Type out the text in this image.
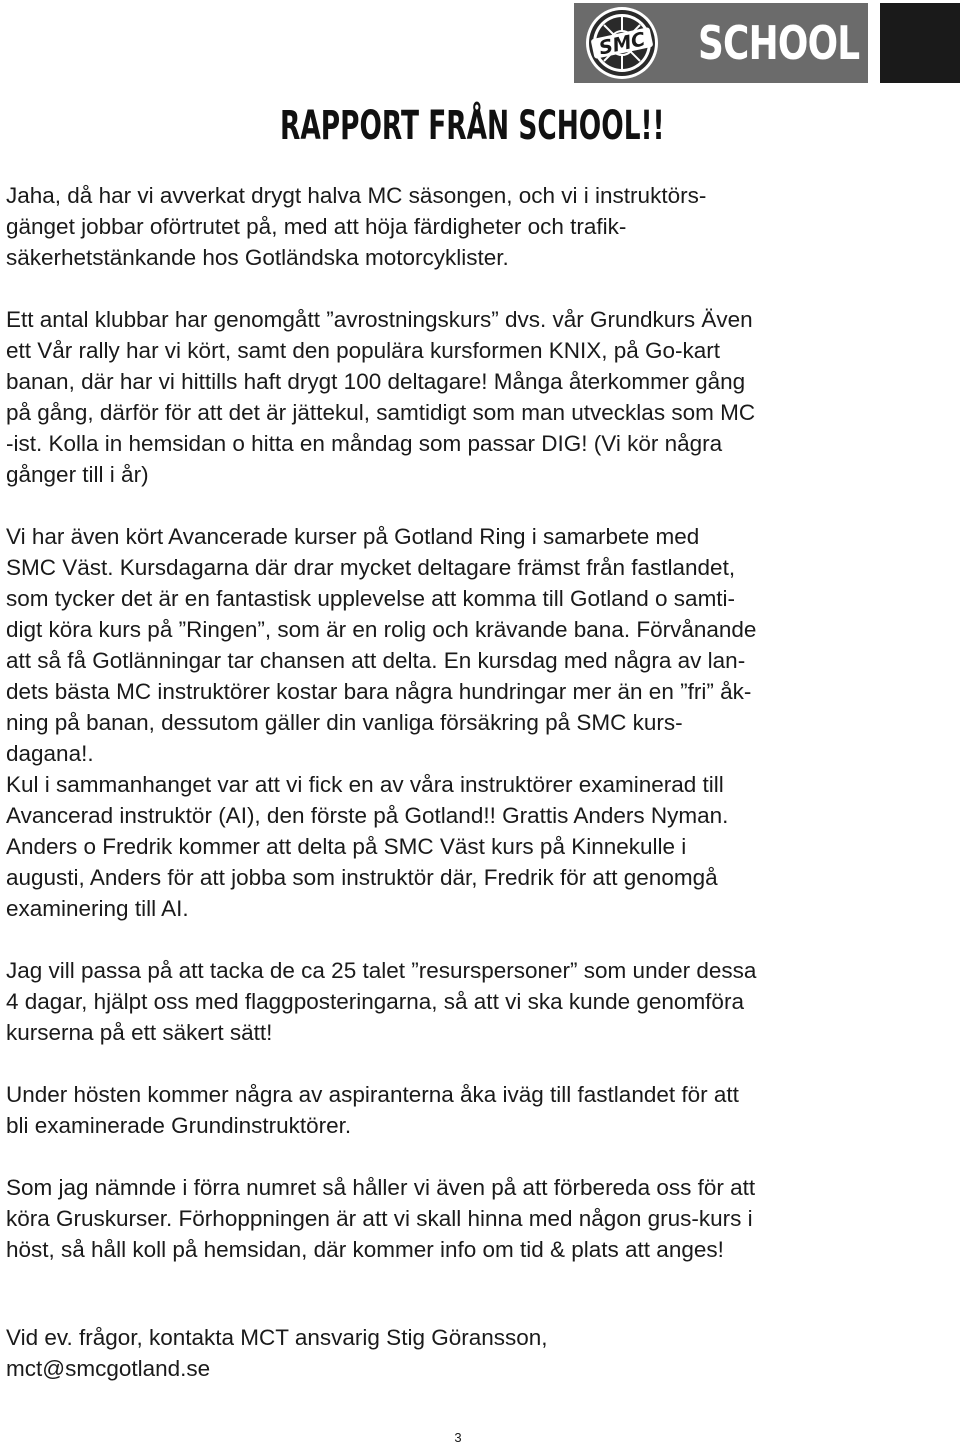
SMC SCHOOL
RAPPORT FRÅN SCHOOL!!

Jaha, då har vi avverkat drygt halva MC säsongen, och vi i instruktörs-
gänget jobbar oförtrutet på, med att höja färdigheter och trafik-
säkerhetstänkande hos Gotländska motorcyklister.

Ett antal klubbar har genomgått ”avrostningskurs” dvs. vår Grundkurs Även
ett Vår rally har vi kört, samt den populära kursformen KNIX, på Go-kart
banan, där har vi hittills haft drygt 100 deltagare! Många återkommer gång
på gång, därför för att det är jättekul, samtidigt som man utvecklas som MC
-ist. Kolla in hemsidan o hitta en måndag som passar DIG! (Vi kör några
gånger till i år)

Vi har även kört Avancerade kurser på Gotland Ring i samarbete med
SMC Väst. Kursdagarna där drar mycket deltagare främst från fastlandet,
som tycker det är en fantastisk upplevelse att komma till Gotland o samti-
digt köra kurs på ”Ringen”, som är en rolig och krävande bana. Förvånande
att så få Gotlänningar tar chansen att delta. En kursdag med några av lan-
dets bästa MC instruktörer kostar bara några hundringar mer än en ”fri” åk-
ning på banan, dessutom gäller din vanliga försäkring på SMC kurs-
dagana!.
Kul i sammanhanget var att vi fick en av våra instruktörer examinerad till
Avancerad instruktör (AI), den förste på Gotland!! Grattis Anders Nyman.
Anders o Fredrik kommer att delta på SMC Väst kurs på Kinnekulle i
augusti, Anders för att jobba som instruktör där, Fredrik för att genomgå
examinering till AI.

Jag vill passa på att tacka de ca 25 talet ”resurspersoner” som under dessa
4 dagar, hjälpt oss med flaggposteringarna, så att vi ska kunde genomföra
kurserna på ett säkert sätt!

Under hösten kommer några av aspiranterna åka iväg till fastlandet för att
bli examinerade Grundinstruktörer.

Som jag nämnde i förra numret så håller vi även på att förbereda oss för att
köra Gruskurser. Förhoppningen är att vi skall hinna med någon grus-kurs i
höst, så håll koll på hemsidan, där kommer info om tid & plats att anges!

Vid ev. frågor, kontakta MCT ansvarig Stig Göransson,
mct@smcgotland.se

3
